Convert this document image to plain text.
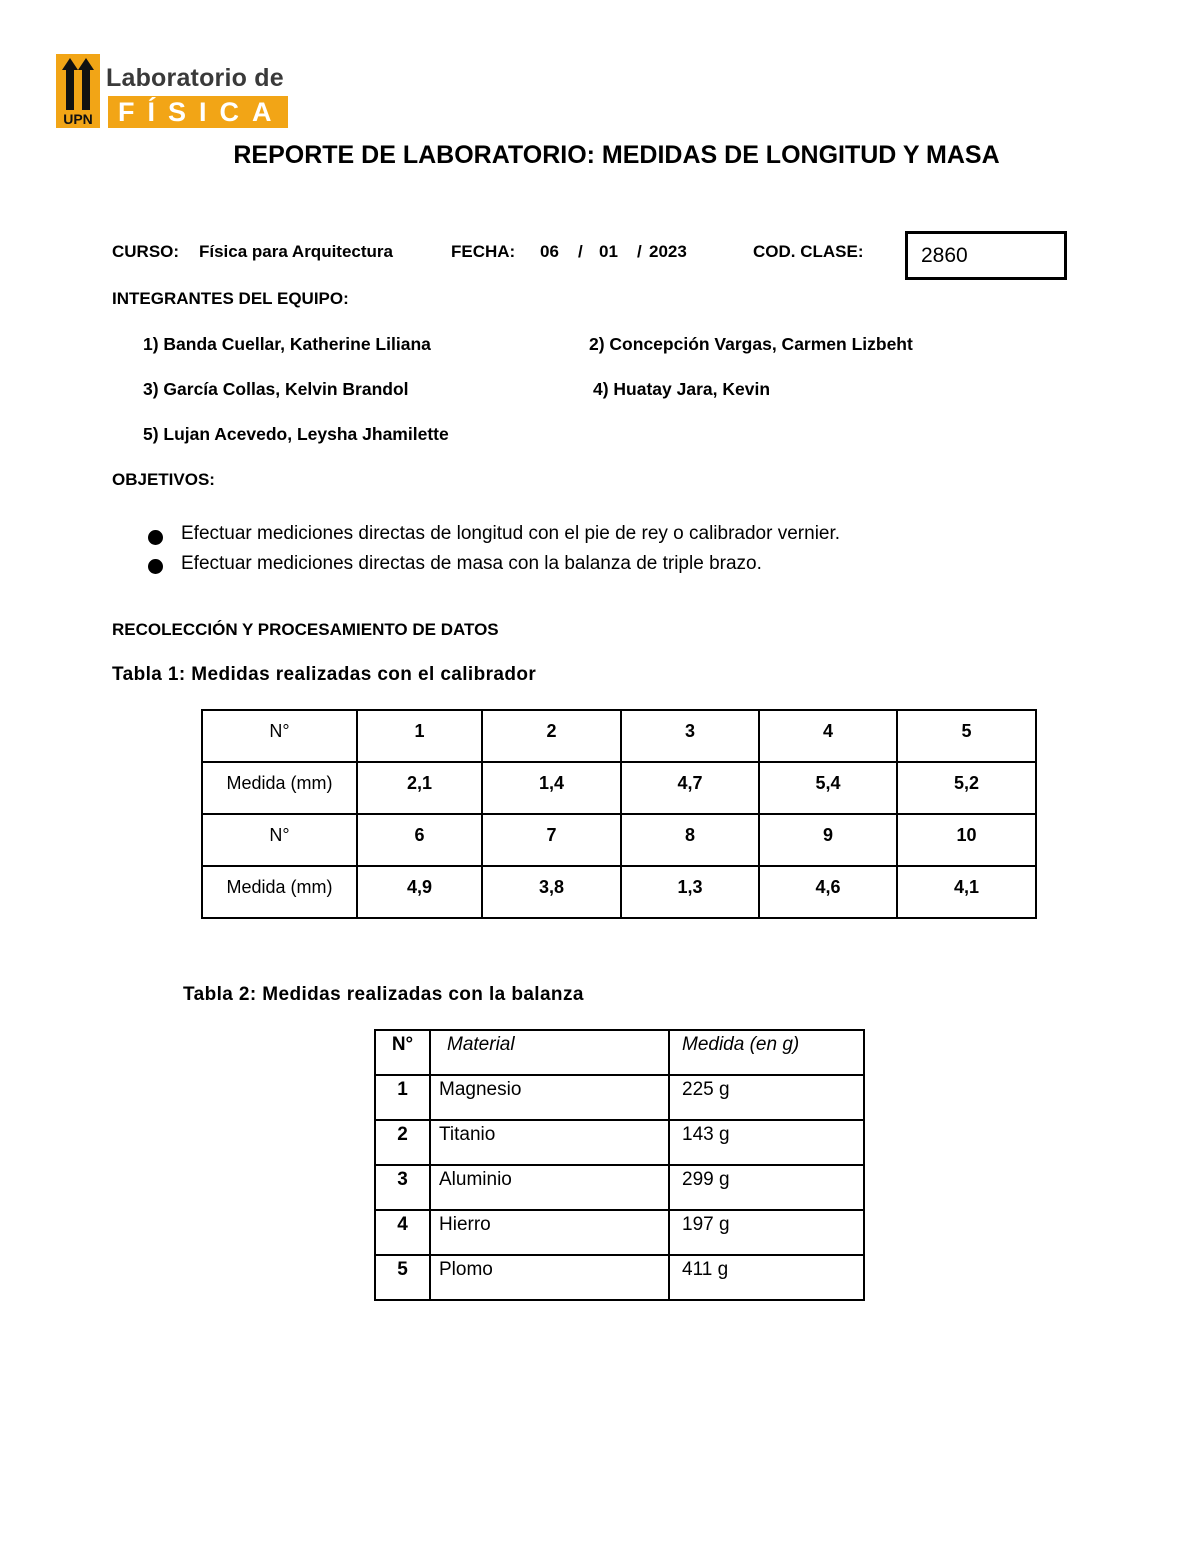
UPN
Laboratorio de
FÍSICA
REPORTE DE LABORATORIO: MEDIDAS DE LONGITUD Y MASA
CURSO: Física para Arquitectura	FECHA: 06 / 01 / 2023	COD. CLASE:	2860
INTEGRANTES DEL EQUIPO:
1) Banda Cuellar, Katherine Liliana	2) Concepción Vargas, Carmen Lizbeht
3) García Collas, Kelvin Brandol	4) Huatay Jara, Kevin
5) Lujan Acevedo, Leysha Jhamilette
OBJETIVOS:
Efectuar mediciones directas de longitud con el pie de rey o calibrador vernier.
Efectuar mediciones directas de masa con la balanza de triple brazo.
RECOLECCIÓN Y PROCESAMIENTO DE DATOS
Tabla 1: Medidas realizadas con el calibrador
N°	1	2	3	4	5
Medida (mm)	2,1	1,4	4,7	5,4	5,2
N°	6	7	8	9	10
Medida (mm)	4,9	3,8	1,3	4,6	4,1
Tabla 2: Medidas realizadas con la balanza
N°	Material	Medida (en g)
1	Magnesio	225 g
2	Titanio	143 g
3	Aluminio	299 g
4	Hierro	197 g
5	Plomo	411 g
